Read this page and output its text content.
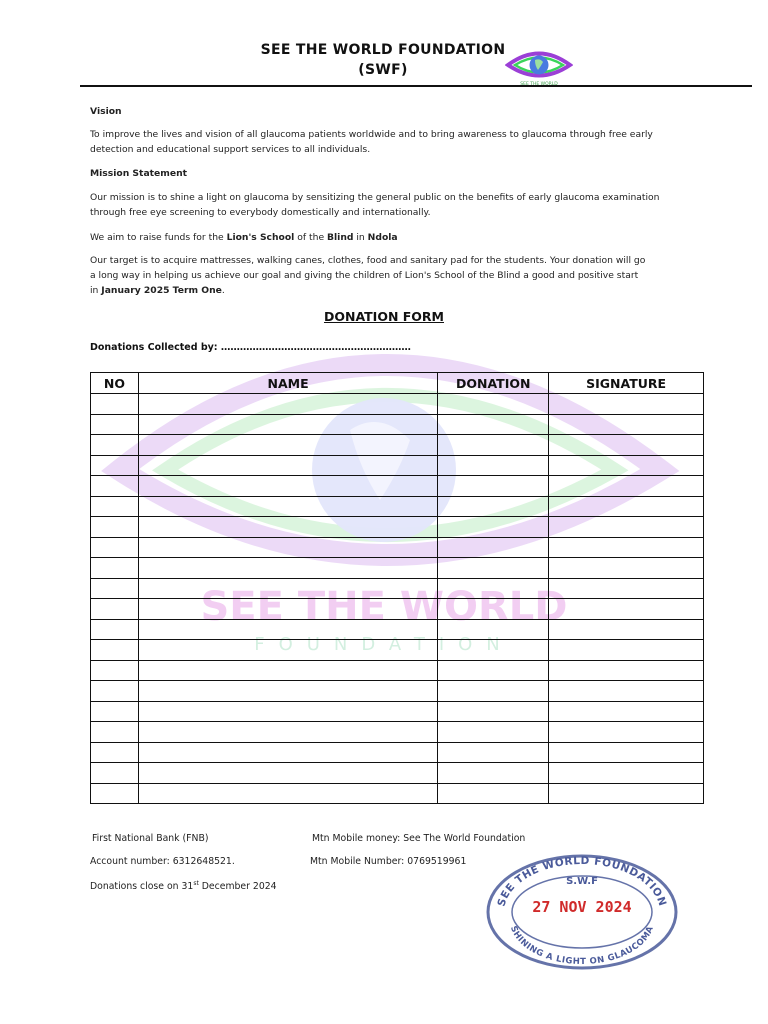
SEE THE WORLD
FOUNDATION
SEE THE WORLD FOUNDATION
(SWF)
Vision
To improve the lives and vision of all glaucoma patients worldwide and to bring awareness to glaucoma through free early
detection and educational support services to all individuals.
Mission Statement
Our mission is to shine a light on glaucoma by sensitizing the general public on the benefits of early glaucoma examination
through free eye screening to everybody domestically and internationally.
We aim to raise funds for the Lion's School of the Blind in Ndola
Our target is to acquire mattresses, walking canes, clothes, food and sanitary pad for the students. Your donation will go
a long way in helping us achieve our goal and giving the children of Lion's School of the Blind a good and positive start
in January 2025 Term One.
DONATION FORM
Donations Collected by: ……………………………………………………
NO	NAME	DONATION	SIGNATURE

First National Bank (FNB)
Account number: 6312648521.
Donations close on 31st December 2024
Mtn Mobile money: See The World Foundation
Mtn Mobile Number: 0769519961
SEE THE WORLD FOUNDATION
SHINING A LIGHT ON GLAUCOMA
S.W.F
27 NOV 2024
